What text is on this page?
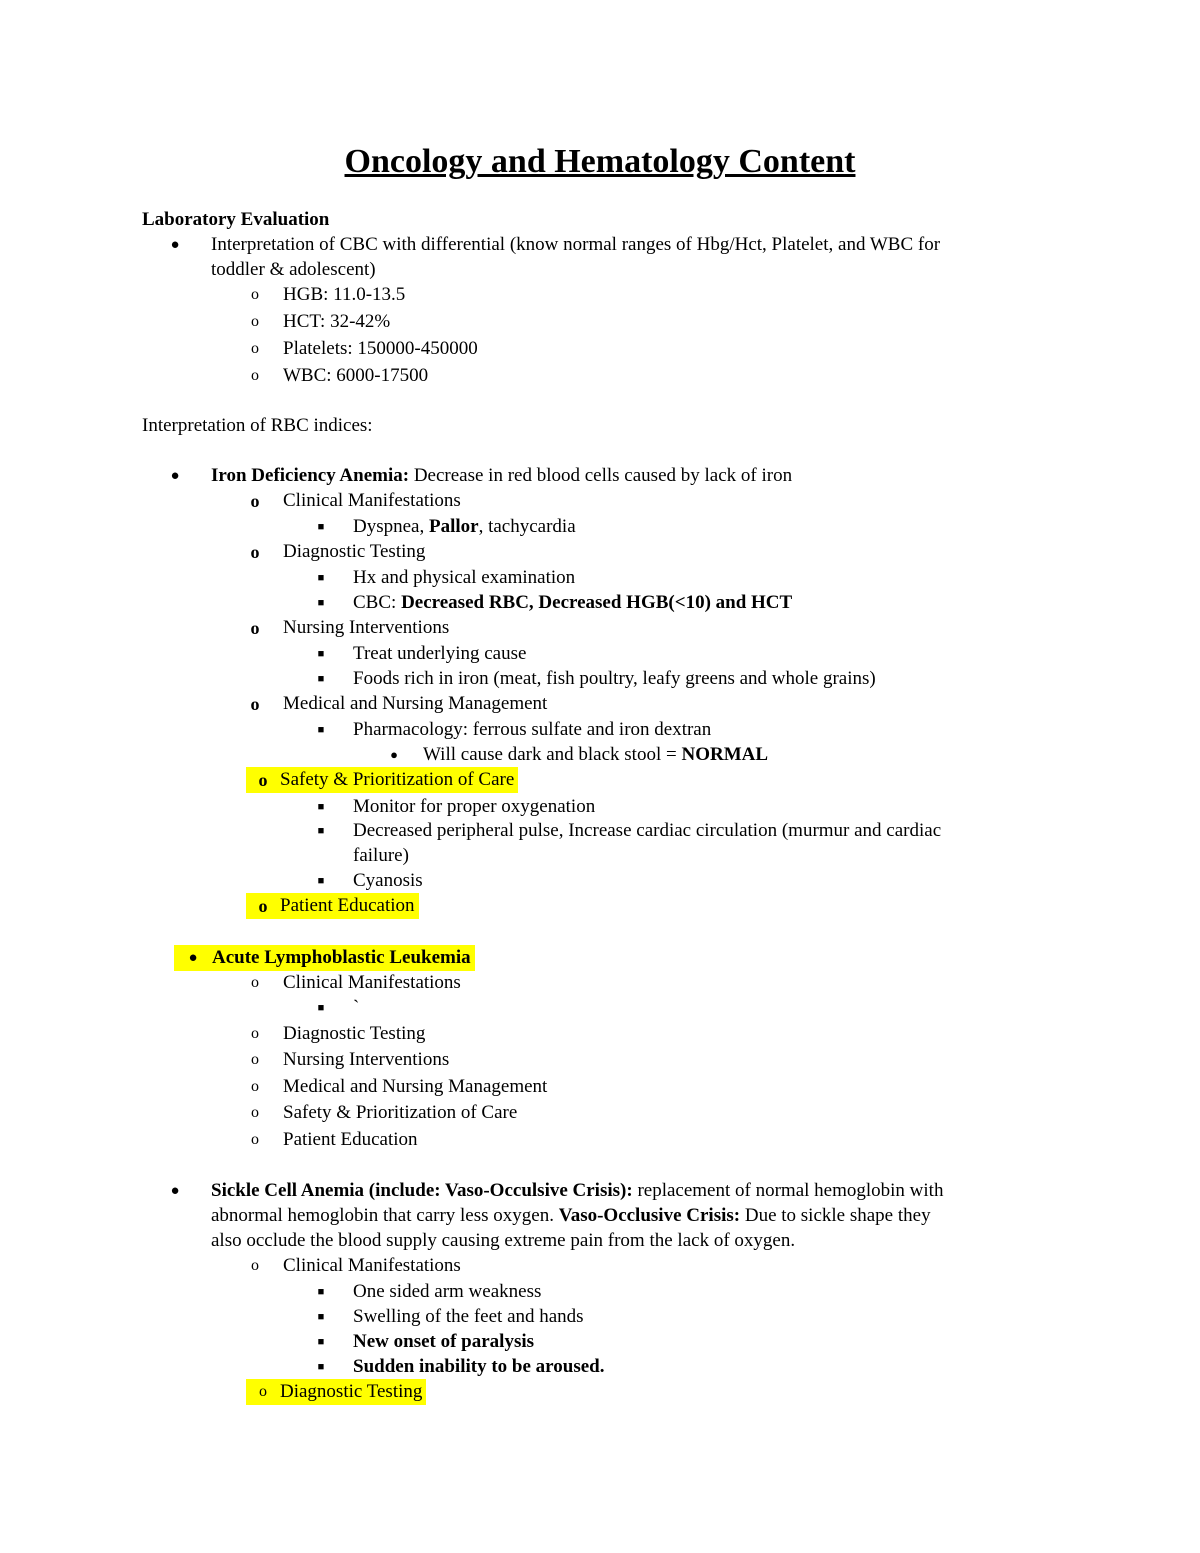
Oncology and Hematology Content
Laboratory Evaluation
●	Interpretation of CBC with differential (know normal ranges of Hbg/Hct, Platelet, and WBC for
toddler & adolescent)
o	HGB: 11.0-13.5
o	HCT: 32-42%
o	Platelets: 150000-450000
o	WBC: 6000-17500
Interpretation of RBC indices:
●	Iron Deficiency Anemia: Decrease in red blood cells caused by lack of iron
o	Clinical Manifestations
■	Dyspnea, Pallor, tachycardia
o	Diagnostic Testing
■	Hx and physical examination
■	CBC: Decreased RBC, Decreased HGB(<10) and HCT
o	Nursing Interventions
■	Treat underlying cause
■	Foods rich in iron (meat, fish poultry, leafy greens and whole grains)
o	Medical and Nursing Management
■	Pharmacology: ferrous sulfate and iron dextran
●	Will cause dark and black stool = NORMAL
o Safety & Prioritization of Care
■	Monitor for proper oxygenation
■	Decreased peripheral pulse, Increase cardiac circulation (murmur and cardiac
failure)
■	Cyanosis
o Patient Education
● Acute Lymphoblastic Leukemia
o	Clinical Manifestations
■	`
o	Diagnostic Testing
o	Nursing Interventions
o	Medical and Nursing Management
o	Safety & Prioritization of Care
o	Patient Education
●	Sickle Cell Anemia (include: Vaso-Occulsive Crisis): replacement of normal hemoglobin with
abnormal hemoglobin that carry less oxygen. Vaso-Occlusive Crisis: Due to sickle shape they
also occlude the blood supply causing extreme pain from the lack of oxygen.
o	Clinical Manifestations
■	One sided arm weakness
■	Swelling of the feet and hands
■	New onset of paralysis
■	Sudden inability to be aroused.
o Diagnostic Testing
